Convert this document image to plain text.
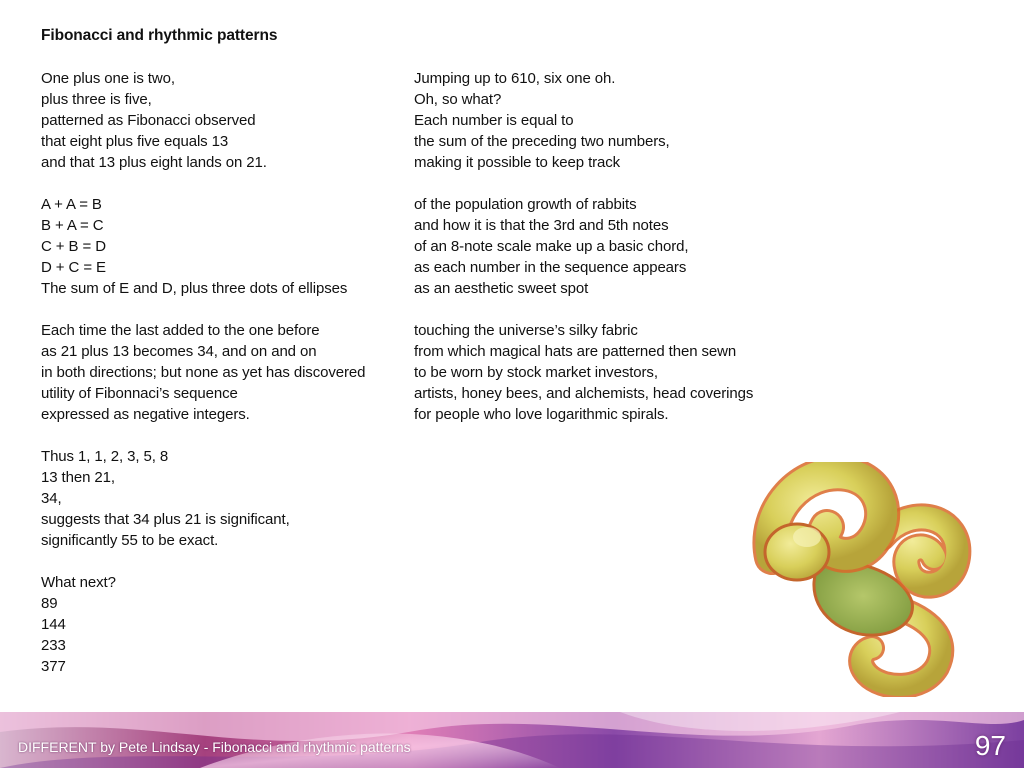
Fibonacci and rhythmic patterns
One plus one is two,
plus three is five,
patterned as Fibonacci observed
that eight plus five equals 13
and that 13 plus eight lands on 21.
A + A = B
B + A = C
C + B = D
D + C = E
The sum of E and D, plus three dots of ellipses
Each time the last added to the one before
as 21 plus 13 becomes 34, and on and on
in both directions; but none as yet has discovered
utility of Fibonnaci’s sequence
expressed as negative integers.
Thus 1, 1, 2, 3, 5, 8
13 then 21,
34,
suggests that 34 plus 21 is significant,
significantly 55 to be exact.
What next?
89
144
233
377
Jumping up to 610, six one oh.
Oh, so what?
Each number is equal to
the sum of the preceding two numbers,
making it possible to keep track
of the population growth of rabbits
and how it is that the 3rd and 5th notes
of an 8-note scale make up a basic chord,
as each number in the sequence appears
as an aesthetic sweet spot
touching the universe’s silky fabric
from which magical hats are patterned then sewn
to be worn by stock market investors,
artists, honey bees, and alchemists, head coverings
for people who love logarithmic spirals.
DIFFERENT by Pete Lindsay - Fibonacci and rhythmic patterns	97
